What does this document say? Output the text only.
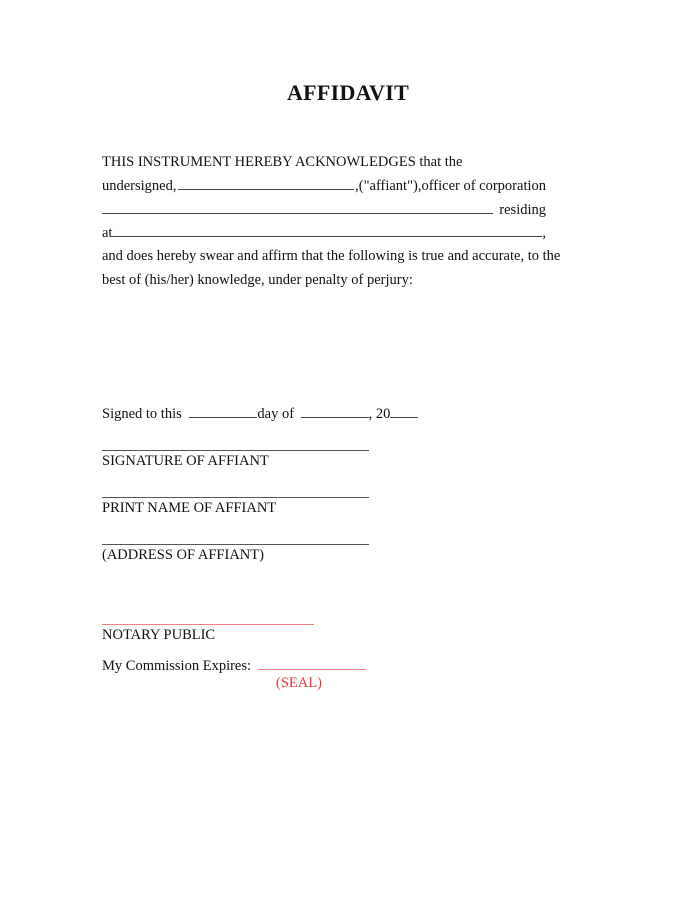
AFFIDAVIT
THIS INSTRUMENT HEREBY ACKNOWLEDGES that the
undersigned,	,("affiant"),officer of corporation
residing
at	,
and does hereby swear and affirm that the following is true and accurate, to the
best of (his/her) knowledge, under penalty of perjury:
Signed to this	day of	, 20
SIGNATURE OF AFFIANT
PRINT NAME OF AFFIANT
(ADDRESS OF AFFIANT)
NOTARY PUBLIC
My Commission Expires:
(SEAL)
